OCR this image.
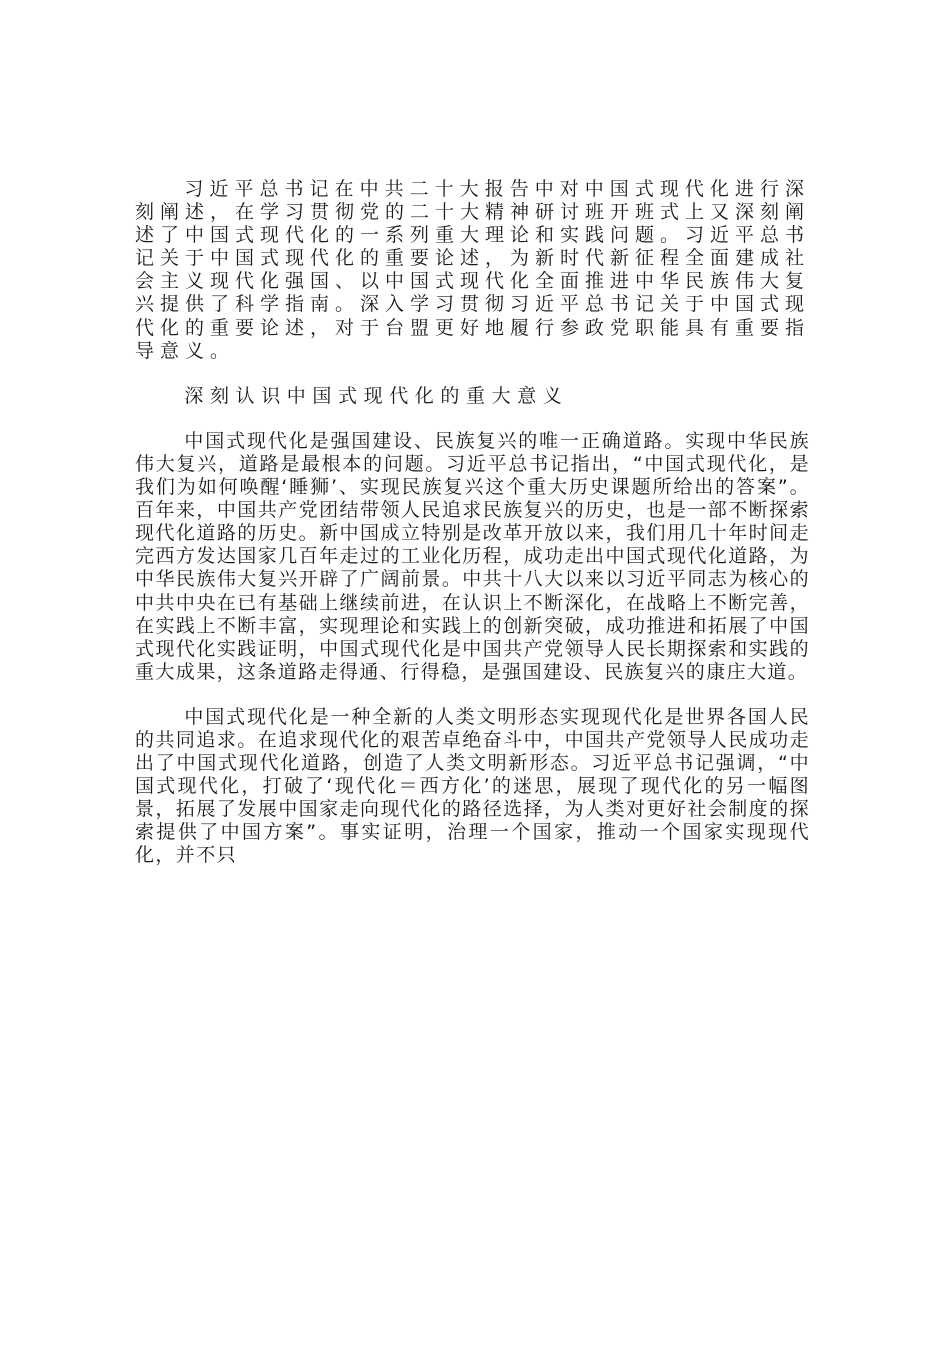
习近平总书记在中共二十大报告中对中国式现代化进行深刻阐述，在学习贯彻党的二十大精神研讨班开班式上又深刻阐述了中国式现代化的一系列重大理论和实践问题。习近平总书记关于中国式现代化的重要论述，为新时代新征程全面建成社会主义现代化强国、以中国式现代化全面推进中华民族伟大复兴提供了科学指南。深入学习贯彻习近平总书记关于中国式现代化的重要论述，对于台盟更好地履行参政党职能具有重要指导意义。

深刻认识中国式现代化的重大意义

中国式现代化是强国建设、民族复兴的唯一正确道路。实现中华民族伟大复兴，道路是最根本的问题。习近平总书记指出，“中国式现代化，是我们为如何唤醒‘睡狮’、实现民族复兴这个重大历史课题所给出的答案”。百年来，中国共产党团结带领人民追求民族复兴的历史，也是一部不断探索现代化道路的历史。新中国成立特别是改革开放以来，我们用几十年时间走完西方发达国家几百年走过的工业化历程，成功走出中国式现代化道路，为中华民族伟大复兴开辟了广阔前景。中共十八大以来以习近平同志为核心的中共中央在已有基础上继续前进，在认识上不断深化，在战略上不断完善，在实践上不断丰富，实现理论和实践上的创新突破，成功推进和拓展了中国式现代化实践证明，中国式现代化是中国共产党领导人民长期探索和实践的重大成果，这条道路走得通、行得稳，是强国建设、民族复兴的康庄大道。

中国式现代化是一种全新的人类文明形态实现现代化是世界各国人民的共同追求。在追求现代化的艰苦卓绝奋斗中，中国共产党领导人民成功走出了中国式现代化道路，创造了人类文明新形态。习近平总书记强调，“中国式现代化，打破了‘现代化＝西方化’的迷思，展现了现代化的另一幅图景，拓展了发展中国家走向现代化的路径选择，为人类对更好社会制度的探索提供了中国方案”。事实证明，治理一个国家，推动一个国家实现现代化，并不只
